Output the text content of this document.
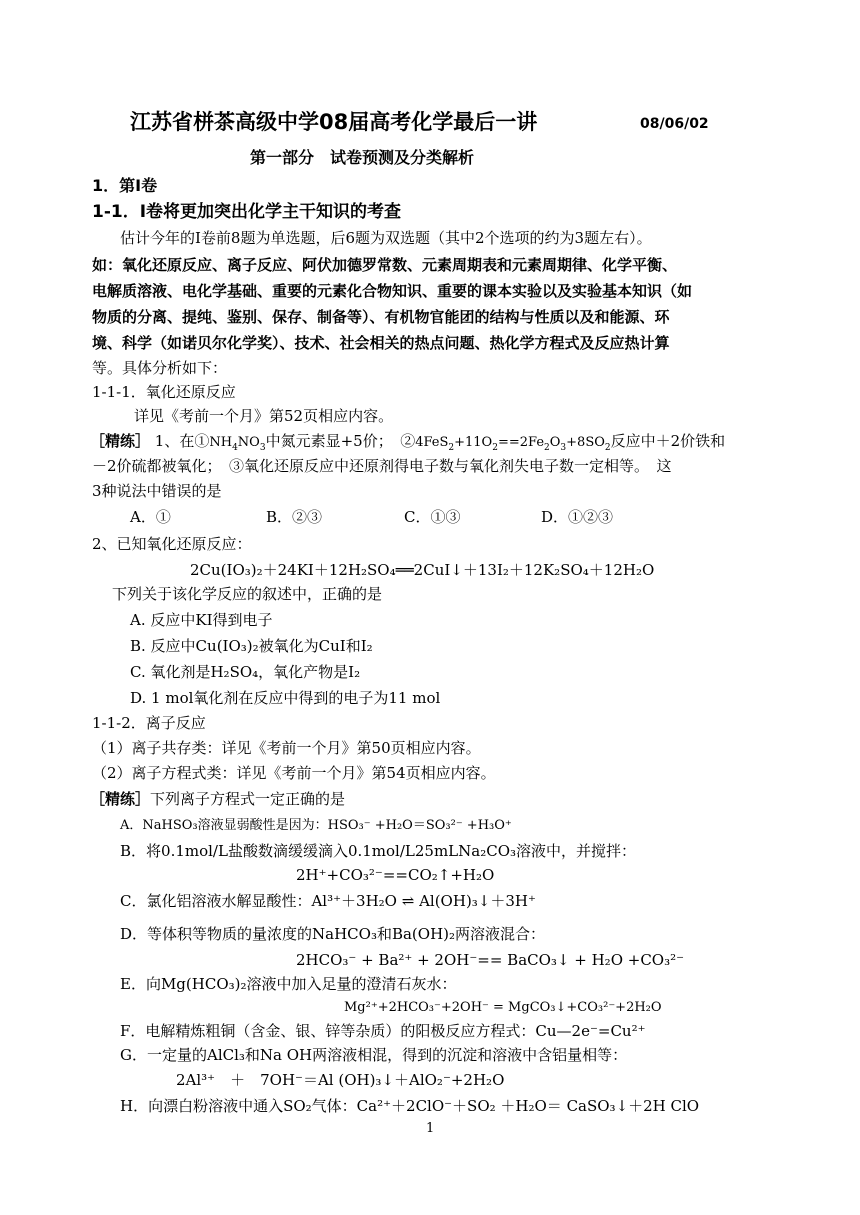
江苏省栟茶高级中学08届高考化学最后一讲	08/06/02
第一部分　试卷预测及分类解析
1．第Ⅰ卷
1-1．Ⅰ卷将更加突出化学主干知识的考查
估计今年的Ⅰ卷前8题为单选题，后6题为双选题（其中2个选项的约为3题左右）。
如：氧化还原反应、离子反应、阿伏加德罗常数、元素周期表和元素周期律、化学平衡、
电解质溶液、电化学基础、重要的元素化合物知识、重要的课本实验以及实验基本知识（如
物质的分离、提纯、鉴别、保存、制备等）、有机物官能团的结构与性质以及和能源、环
境、科学（如诺贝尔化学奖）、技术、社会相关的热点问题、热化学方程式及反应热计算
等。具体分析如下：
1-1-1．氧化还原反应
详见《考前一个月》第52页相应内容。
［精练］ 1、在$①NH_4NO_3$中氮元素显+5价；　$②4FeS_2+11O_2==2Fe_2O_3+8SO_2$反应中＋2价铁和
－2价硫都被氧化；　③氧化还原反应中还原剂得电子数与氧化剂失电子数一定相等。　这
3种说法中错误的是
A．①	B．②③	C．①③	D．①②③
2、已知氧化还原反应：
2Cu(IO₃)₂＋24KI＋12H₂SO₄══2CuI↓＋13I₂＋12K₂SO₄＋12H₂O
下列关于该化学反应的叙述中，正确的是
A. 反应中KI得到电子
B. 反应中Cu(IO₃)₂被氧化为CuI和I₂
C. 氧化剂是H₂SO₄，氧化产物是I₂
D. 1 mol氧化剂在反应中得到的电子为11 mol
1-1-2．离子反应
（1）离子共存类：详见《考前一个月》第50页相应内容。
（2）离子方程式类：详见《考前一个月》第54页相应内容。
［精练］下列离子方程式一定正确的是
A．NaHSO₃溶液显弱酸性是因为：HSO₃⁻ +H₂O＝SO₃²⁻ +H₃O⁺
B．将0.1mol/L盐酸数滴缓缓滴入0.1mol/L25mLNa₂CO₃溶液中，并搅拌：
2H⁺+CO₃²⁻==CO₂↑+H₂O
C．氯化铝溶液水解显酸性：Al³⁺＋3H₂O ⇌ Al(OH)₃↓＋3H⁺
D．等体积等物质的量浓度的NaHCO₃和Ba(OH)₂两溶液混合：
2HCO₃⁻ + Ba²⁺ + 2OH⁻== BaCO₃↓ + H₂O +CO₃²⁻
E．向Mg(HCO₃)₂溶液中加入足量的澄清石灰水：
Mg²⁺+2HCO₃⁻+2OH⁻ = MgCO₃↓+CO₃²⁻+2H₂O
F．电解精炼粗铜（含金、银、锌等杂质）的阳极反应方程式：Cu—2e⁻=Cu²⁺
G．一定量的AlCl₃和Na OH两溶液相混，得到的沉淀和溶液中含铝量相等：
2Al³⁺　＋　7OH⁻＝Al (OH)₃↓＋AlO₂⁻+2H₂O
H．向漂白粉溶液中通入SO₂气体：Ca²⁺＋2ClO⁻＋SO₂ ＋H₂O＝ CaSO₃↓＋2H ClO
1
